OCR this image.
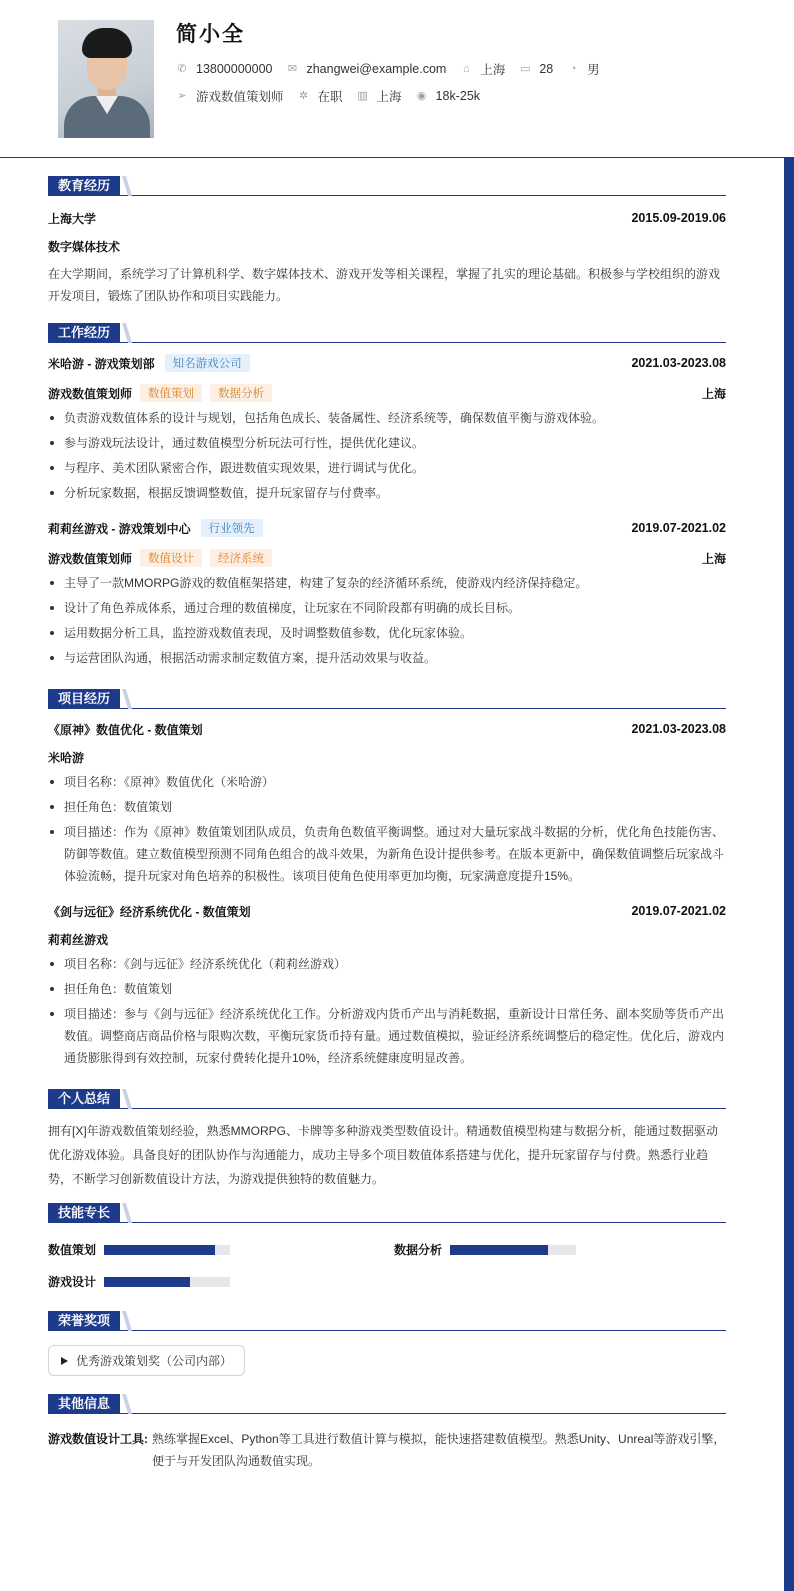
简小全
✆ 13800000000 ✉ zhangwei@example.com ⌂ 上海 ▭ 28 ◔ 男
➢ 游戏数值策划师 ✲ 在职 ▥ 上海 ◉ 18k-25k
教育经历
上海大学	2015.09-2019.06
数字媒体技术
在大学期间，系统学习了计算机科学、数字媒体技术、游戏开发等相关课程，掌握了扎实的理论基础。积极参与学校组织的游戏开发项目，锻炼了团队协作和项目实践能力。
工作经历
米哈游 - 游戏策划部	知名游戏公司	2021.03-2023.08
游戏数值策划师	数值策划	数据分析	上海
负责游戏数值体系的设计与规划，包括角色成长、装备属性、经济系统等，确保数值平衡与游戏体验。
参与游戏玩法设计，通过数值模型分析玩法可行性，提供优化建议。
与程序、美术团队紧密合作，跟进数值实现效果，进行调试与优化。
分析玩家数据，根据反馈调整数值，提升玩家留存与付费率。
莉莉丝游戏 - 游戏策划中心	行业领先	2019.07-2021.02
游戏数值策划师	数值设计	经济系统	上海
主导了一款MMORPG游戏的数值框架搭建，构建了复杂的经济循环系统，使游戏内经济保持稳定。
设计了角色养成体系，通过合理的数值梯度，让玩家在不同阶段都有明确的成长目标。
运用数据分析工具，监控游戏数值表现，及时调整数值参数，优化玩家体验。
与运营团队沟通，根据活动需求制定数值方案，提升活动效果与收益。
项目经历
《原神》数值优化 - 数值策划	2021.03-2023.08
米哈游
项目名称：《原神》数值优化（米哈游）
担任角色：数值策划
项目描述：作为《原神》数值策划团队成员，负责角色数值平衡调整。通过对大量玩家战斗数据的分析，优化角色技能伤害、防御等数值。建立数值模型预测不同角色组合的战斗效果，为新角色设计提供参考。在版本更新中，确保数值调整后玩家战斗体验流畅，提升玩家对角色培养的积极性。该项目使角色使用率更加均衡，玩家满意度提升15%。
《剑与远征》经济系统优化 - 数值策划	2019.07-2021.02
莉莉丝游戏
项目名称：《剑与远征》经济系统优化（莉莉丝游戏）
担任角色：数值策划
项目描述：参与《剑与远征》经济系统优化工作。分析游戏内货币产出与消耗数据，重新设计日常任务、副本奖励等货币产出数值。调整商店商品价格与限购次数，平衡玩家货币持有量。通过数值模拟，验证经济系统调整后的稳定性。优化后，游戏内通货膨胀得到有效控制，玩家付费转化提升10%，经济系统健康度明显改善。
个人总结
拥有[X]年游戏数值策划经验，熟悉MMORPG、卡牌等多种游戏类型数值设计。精通数值模型构建与数据分析，能通过数据驱动优化游戏体验。具备良好的团队协作与沟通能力，成功主导多个项目数值体系搭建与优化，提升玩家留存与付费。熟悉行业趋势，不断学习创新数值设计方法，为游戏提供独特的数值魅力。
技能专长
数值策划	数据分析
游戏设计
荣誉奖项
优秀游戏策划奖（公司内部）
其他信息
游戏数值设计工具: 熟练掌握Excel、Python等工具进行数值计算与模拟，能快速搭建数值模型。熟悉Unity、Unreal等游戏引擎，便于与开发团队沟通数值实现。
